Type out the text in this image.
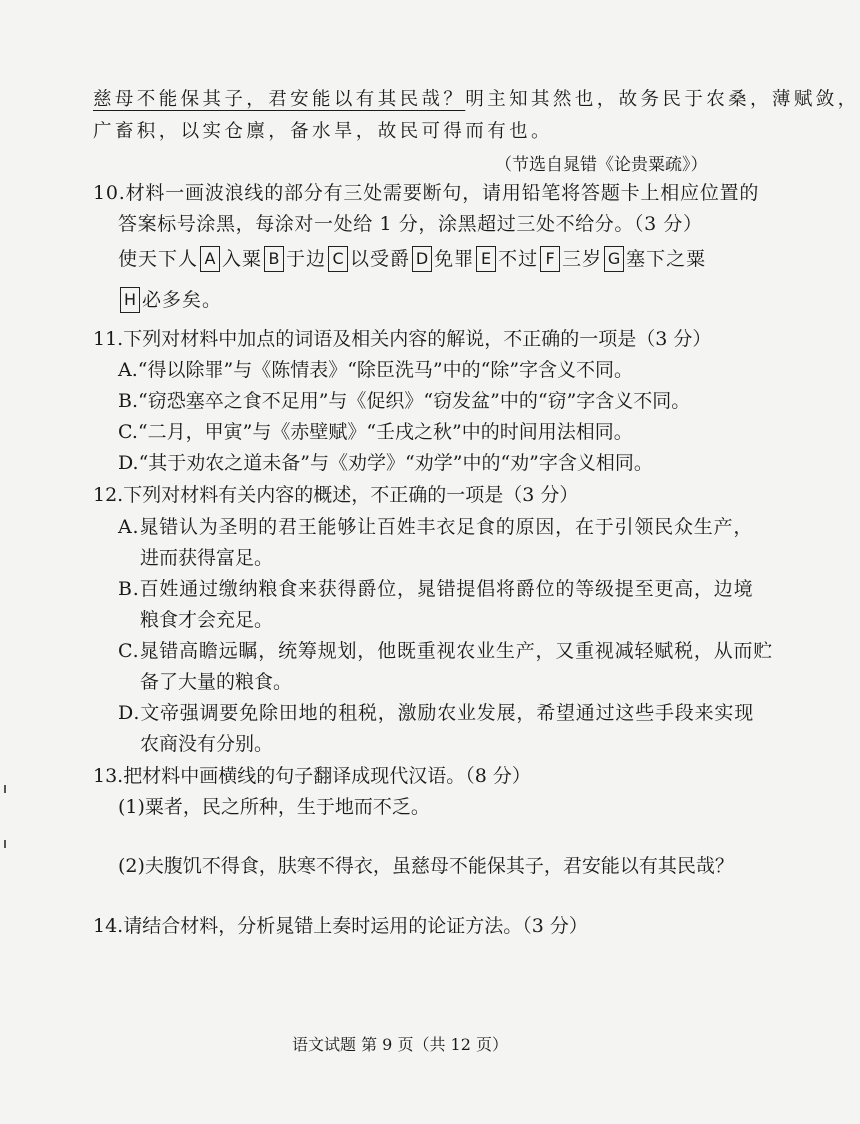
慈母不能保其子，君安能以有其民哉？明主知其然也，故务民于农桑，薄赋敛，
广畜积，以实仓廪，备水旱，故民可得而有也。
（节选自晁错《论贵粟疏》）
10.材料一画波浪线的部分有三处需要断句，请用铅笔将答题卡上相应位置的
答案标号涂黑，每涂对一处给 1 分，涂黑超过三处不给分。（3 分）
使天下人 A 入粟 B 于边 C 以受爵 D 免罪 E 不过 F 三岁 G 塞下之粟
H 必多矣。
11.下列对材料中加点的词语及相关内容的解说，不正确的一项是（3 分）
A.“得以除罪”与《陈情表》“除臣洗马”中的“除”字含义不同。
B.“窃恐塞卒之食不足用”与《促织》“窃发盆”中的“窃”字含义不同。
C.“二月，甲寅”与《赤壁赋》“壬戌之秋”中的时间用法相同。
D.“其于劝农之道未备”与《劝学》“劝学”中的“劝”字含义相同。
12.下列对材料有关内容的概述，不正确的一项是（3 分）
A.晁错认为圣明的君王能够让百姓丰衣足食的原因，在于引领民众生产，
进而获得富足。
B.百姓通过缴纳粮食来获得爵位，晁错提倡将爵位的等级提至更高，边境
粮食才会充足。
C.晁错高瞻远瞩，统筹规划，他既重视农业生产，又重视减轻赋税，从而贮
备了大量的粮食。
D.文帝强调要免除田地的租税，激励农业发展，希望通过这些手段来实现
农商没有分别。
13.把材料中画横线的句子翻译成现代汉语。（8 分）
(1)粟者，民之所种，生于地而不乏。
(2)夫腹饥不得食，肤寒不得衣，虽慈母不能保其子，君安能以有其民哉？
14.请结合材料，分析晁错上奏时运用的论证方法。（3 分）
语文试题 第 9 页（共 12 页）
